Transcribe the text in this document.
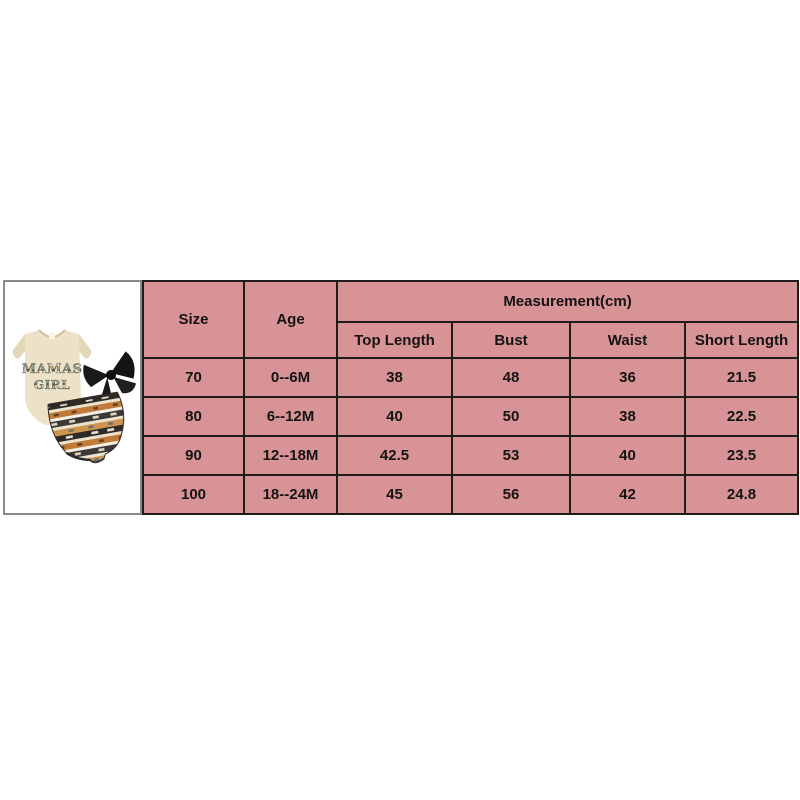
MAMAS
GIRL
Size	Age	Measurement(cm)			
		Top Length	Bust	Waist	Short Length
70	0--6M	38	48	36	21.5
80	6--12M	40	50	38	22.5
90	12--18M	42.5	53	40	23.5
100	18--24M	45	56	42	24.8
